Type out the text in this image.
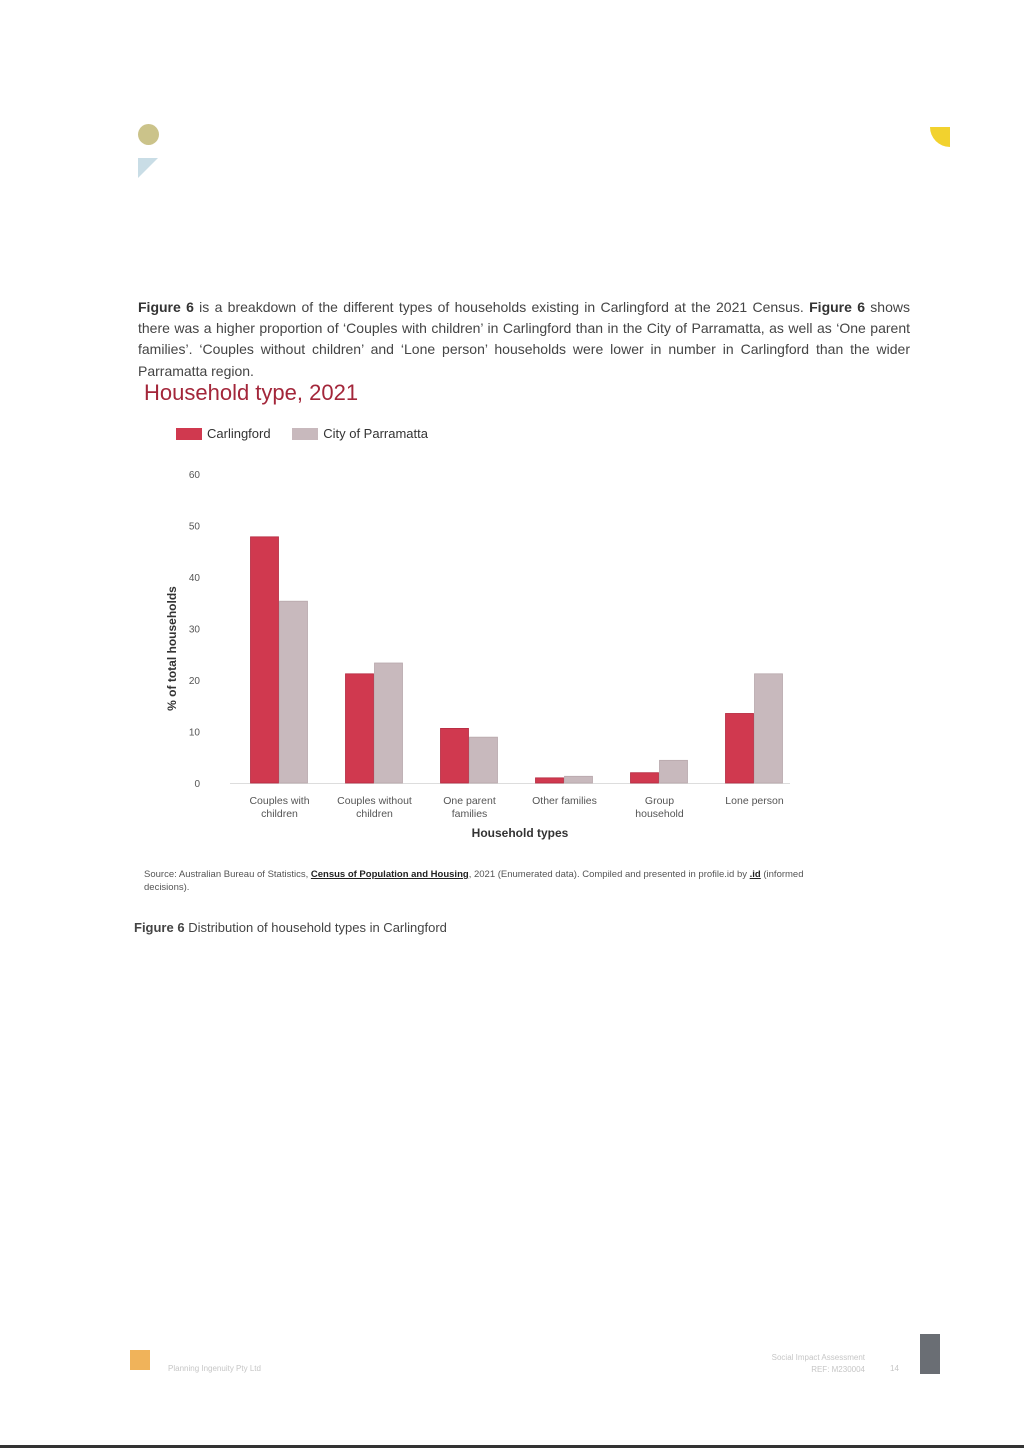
Figure 6 is a breakdown of the different types of households existing in Carlingford at the 2021 Census. Figure 6 shows there was a higher proportion of ‘Couples with children’ in Carlingford than in the City of Parramatta, as well as ‘One parent families’. ‘Couples without children’ and ‘Lone person’ households were lower in number in Carlingford than the wider Parramatta region.

Household type, 2021
Carlingford
	City of Parramatta
0
10
20
30
40
50
60
% of total households
Couples with
children
Couples without
children
One parent
families
Other families	Group
household
Lone person
Household types
Source: Australian Bureau of Statistics, Census of Population and Housing, 2021 (Enumerated data). Compiled and presented in profile.id by .id (informed decisions).
Figure 6 Distribution of household types in Carlingford
Planning Ingenuity Pty Ltd
Social Impact Assessment
REF: M230004	14
